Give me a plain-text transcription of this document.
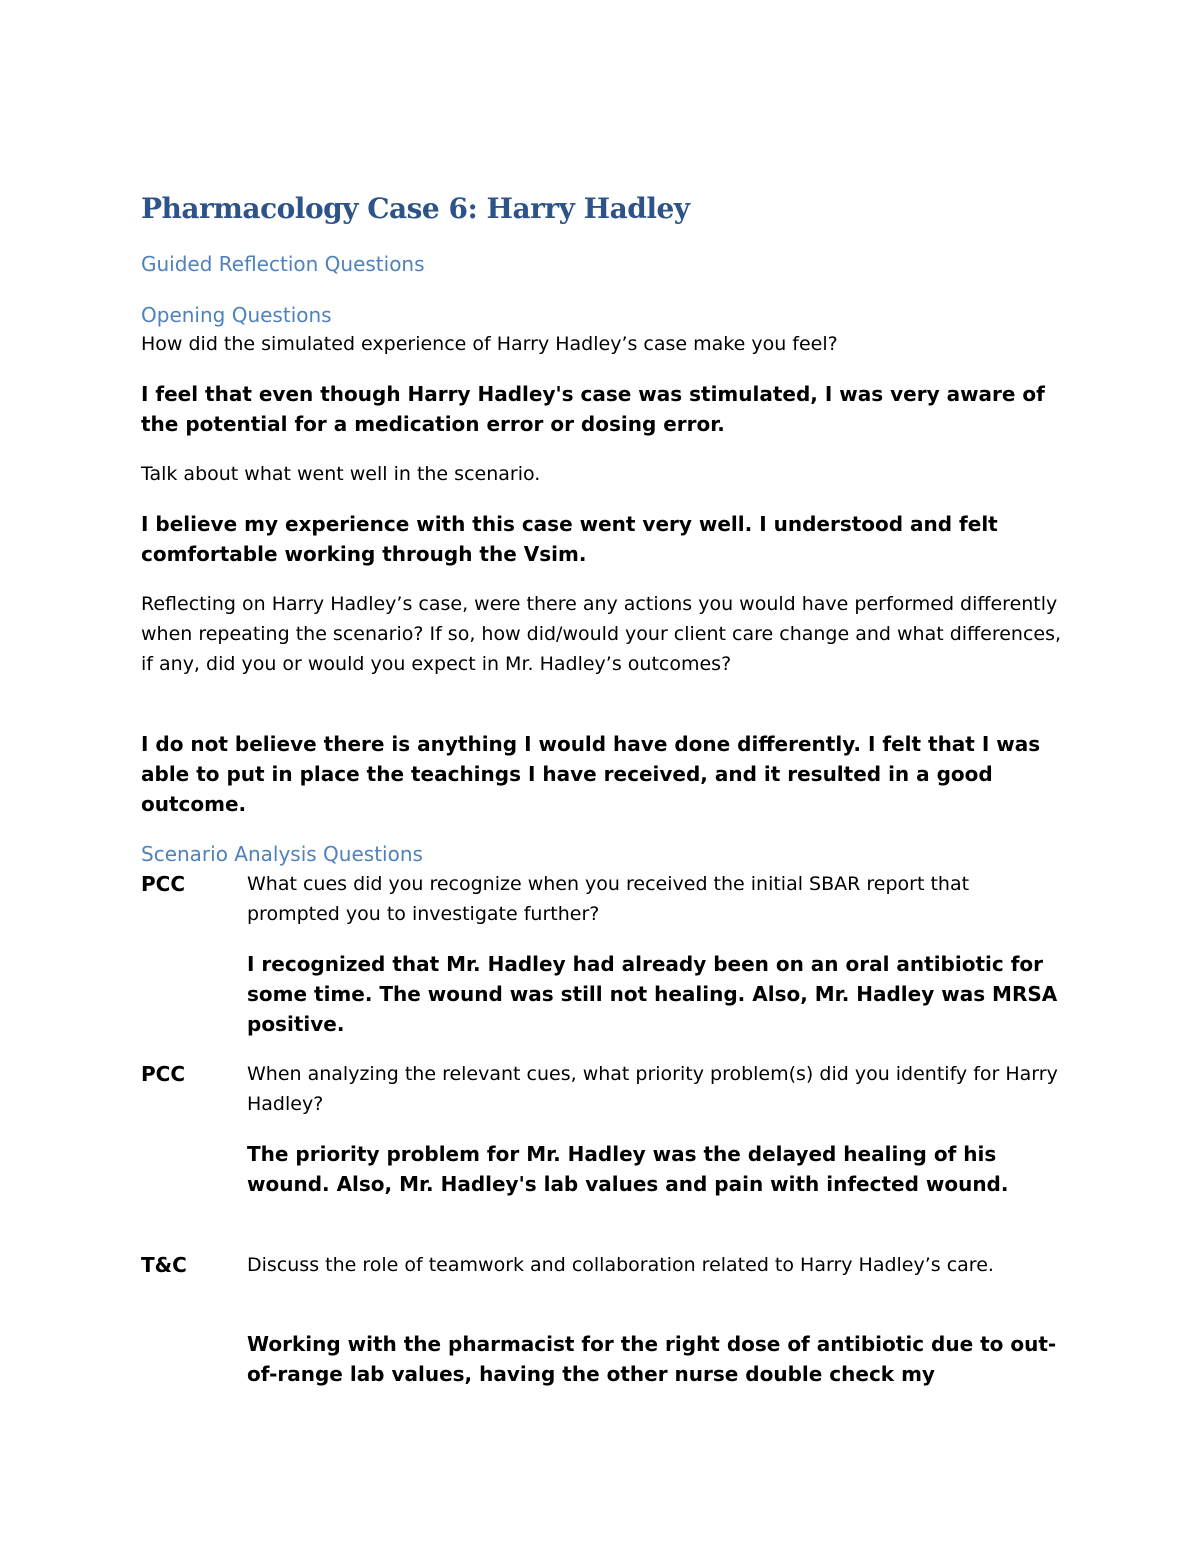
Pharmacology Case 6: Harry Hadley
Guided Reflection Questions
Opening Questions

How did the simulated experience of Harry Hadley’s case make you feel?

I feel that even though Harry Hadley's case was stimulated, I was very aware of the potential for a medication error or dosing error.

Talk about what went well in the scenario.

I believe my experience with this case went very well. I understood and felt comfortable working through the Vsim.

Reflecting on Harry Hadley’s case, were there any actions you would have performed differently when repeating the scenario? If so, how did/would your client care change and what differences, if any, did you or would you expect in Mr. Hadley’s outcomes?

I do not believe there is anything I would have done differently. I felt that I was able to put in place the teachings I have received, and it resulted in a good outcome.

Scenario Analysis Questions
PCC	What cues did you recognize when you received the initial SBAR report that prompted you to investigate further?

I recognized that Mr. Hadley had already been on an oral antibiotic for some time. The wound was still not healing. Also, Mr. Hadley was MRSA positive.

PCC	When analyzing the relevant cues, what priority problem(s) did you identify for Harry Hadley?

The priority problem for Mr. Hadley was the delayed healing of his wound. Also, Mr. Hadley's lab values and pain with infected wound.

T&C	Discuss the role of teamwork and collaboration related to Harry Hadley’s care.

Working with the pharmacist for the right dose of antibiotic due to out-of-range lab values, having the other nurse double check my
